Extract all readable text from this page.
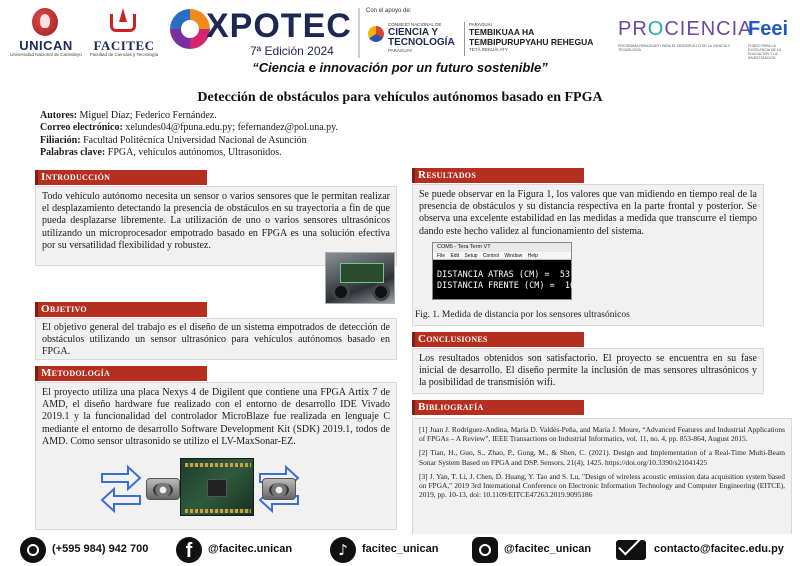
UNICAN
Universidad Nacional de Canindeyú
FACITEC
Facultad de Ciencias y Tecnología
XPOTEC
7ª Edición 2024
Con el apoyo de:
CONSEJO NACIONAL DE
CIENCIA Y TECNOLOGÍA
PARAGUAY
PARAGUÁI
TEMBIKUAA HA TEMBIPURUPYAHU REHEGUA
TETÃ REKUÁI ATY
PROCIENCIA
PROGRAMA PARAGUAYO PARA EL DESARROLLO DE LA CIENCIA Y TECNOLOGÍA
Feei
FONDO PARA LA EXCELENCIA DE LA EDUCACIÓN Y LA INVESTIGACIÓN
“Ciencia e innovación por un futuro sostenible”
Detección de obstáculos para vehículos autónomos basado en FPGA
Autores: Miguel Díaz; Federico Fernández.
Correo electrónico: xelundes04@fpuna.edu.py; fefernandez@pol.una.py.
Filiación: Facultad Politécnica Universidad Nacional de Asunción
Palabras clave: FPGA, vehículos autónomos, Ultrasonidos.
Introducción
Todo vehículo autónomo necesita un sensor o varios sensores que le permitan realizar el desplazamiento detectando la presencia de obstáculos en su trayectoria a fin de que pueda desplazarse libremente. La utilización de uno o varios sensores ultrasónicos utilizando un microprocesador empotrado basado en FPGA es una solución efectiva por su versatilidad flexibilidad y robustez.
Objetivo
El objetivo general del trabajo es el diseño de un sistema empotrados de detección de obstáculos utilizando un sensor ultrasónico para vehículos autónomos basado en FPGA.
Metodología
El proyecto utiliza una placa Nexys 4 de Digilent que contiene una FPGA Artix 7 de AMD, el diseño hardware fue realizado con el entorno de desarrollo IDE Vivado 2019.1 y la funcionalidad del controlador MicroBlaze fue realizada en lenguaje C mediante el entorno de desarrollo Software Development Kit (SDK) 2019.1, todos de AMD. Como sensor ultrasonido se utilizo el LV-MaxSonar-EZ.
Resultados
Se puede observar en la Figura 1, los valores que van midiendo en tiempo real de la presencia de obstáculos y su distancia respectiva en la parte frontal y posterior. Se observa una excelente estabilidad en las medidas a medida que transcurre el tiempo dando este hecho validez al funcionamiento del sistema.
Fig. 1. Medida de distancia por los sensores ultrasónicos
COM5 - Tera Term VT
File Edit Setup Control Window Help
DISTANCIA ATRAS (CM) =  53
DISTANCIA FRENTE (CM) =  16
Conclusiones
Los resultados obtenidos son satisfactorio. El proyecto se encuentra en su fase inicial de desarrollo. El diseño permite la inclusión de mas sensores ultrasónicos y la posibilidad de transmisión wifi.
Bibliografía

[1] Juan J. Rodríguez-Andina, María D. Valdés-Peña, and María J. Moure, “Advanced Features and Industrial Applications of FPGAs – A Review”, IEEE Transactions on Industrial Informatics, vol. 11, no. 4, pp. 853-864, August 2015.

[2] Tian, H., Guo, S., Zhao, P., Gong, M., & Shen, C. (2021). Design and Implementation of a Real-Time Multi-Beam Sonar System Based on FPGA and DSP. Sensors, 21(4), 1425. https://doi.org/10.3390/s21041425

[3] J. Yan, T. Li, J. Chen, D. Huang, Y. Tao and S. Lu, "Design of wireless acoustic emission data acquisition system based on FPGA," 2019 3rd International Conference on Electronic Information Technology and Computer Engineering (EITCE), 2019, pp. 10-13, doi: 10.1109/EITCE47263.2019.9095186

(+595 984) 942 700 f	@facitec.unican ♪	facitec_unican	@facitec_unican	contacto@facitec.edu.py
